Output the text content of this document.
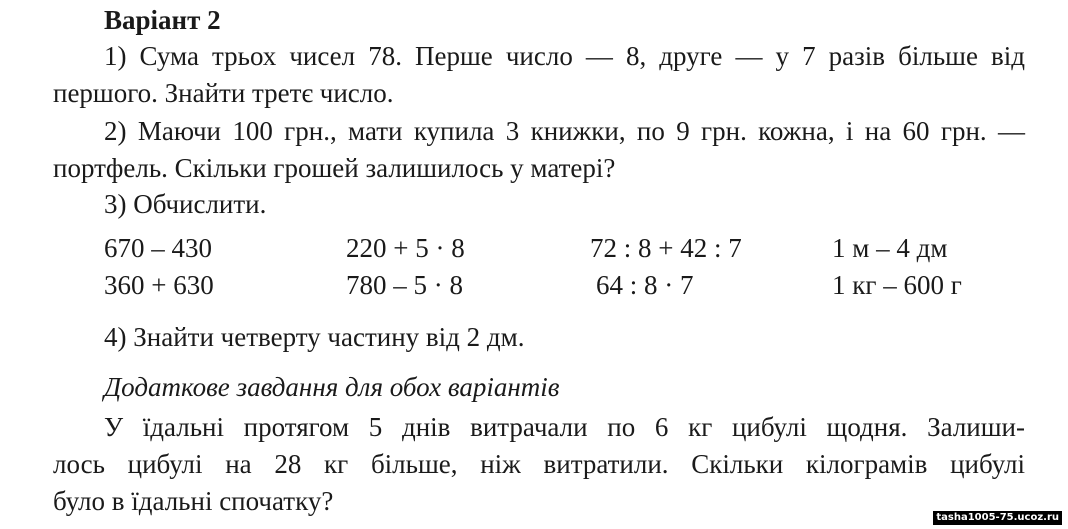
Варіант 2
1) Сума трьох чисел 78. Перше число — 8, друге — у 7 разів більше від
першого. Знайти третє число.
2) Маючи 100 грн., мати купила 3 книжки, по 9 грн. кожна, і на 60 грн. —
портфель. Скільки грошей залишилось у матері?
3) Обчислити.
670 – 430	220 + 5 · 8	72 : 8 + 42 : 7	1 м – 4 дм
360 + 630	780 – 5 · 8	64 : 8 · 7	1 кг – 600 г
4) Знайти четверту частину від 2 дм.
Додаткове завдання для обох варіантів
У їдальні протягом 5 днів витрачали по 6 кг цибулі щодня. Залиши-
лось цибулі на 28 кг більше, ніж витратили. Скільки кілограмів цибулі
було в їдальні спочатку?
tasha1005-75.ucoz.ru
